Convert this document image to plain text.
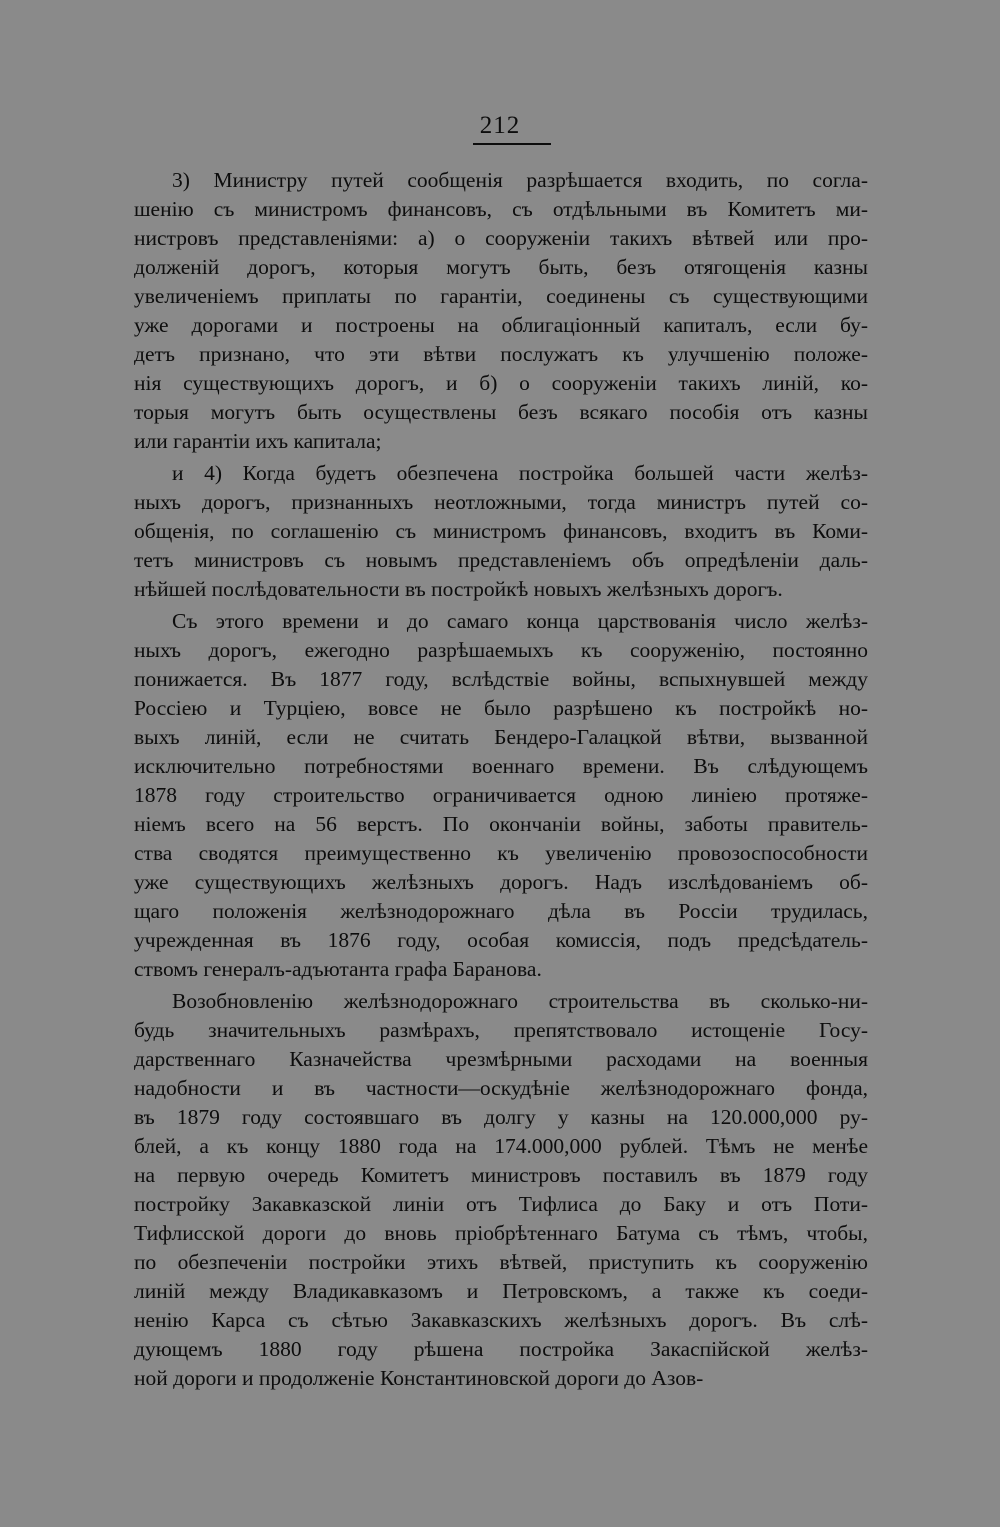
212
3) Министру путей сообщенія разрѣшается входить, по согла-
шенію съ министромъ финансовъ, съ отдѣльными въ Комитетъ ми-
нистровъ представленіями: а) о сооруженіи такихъ вѣтвей или про-
долженій дорогъ, которыя могутъ быть, безъ отягощенія казны
увеличеніемъ приплаты по гарантіи, соединены съ существующими
уже дорогами и построены на облигаціонный капиталъ, если бу-
детъ признано, что эти вѣтви послужатъ къ улучшенію положе-
нія существующихъ дорогъ, и б) о сооруженіи такихъ линій, ко-
торыя могутъ быть осуществлены безъ всякаго пособія отъ казны
или гарантіи ихъ капитала;
и 4) Когда будетъ обезпечена постройка большей части желѣз-
ныхъ дорогъ, признанныхъ неотложными, тогда министръ путей со-
общенія, по соглашенію съ министромъ финансовъ, входитъ въ Коми-
тетъ министровъ съ новымъ представленіемъ объ опредѣленіи даль-
нѣйшей послѣдовательности въ постройкѣ новыхъ желѣзныхъ дорогъ.
Съ этого времени и до самаго конца царствованія число желѣз-
ныхъ дорогъ, ежегодно разрѣшаемыхъ къ сооруженію, постоянно
понижается. Въ 1877 году, вслѣдствіе войны, вспыхнувшей между
Россіею и Турціею, вовсе не было разрѣшено къ постройкѣ но-
выхъ линій, если не считать Бендеро-Галацкой вѣтви, вызванной
исключительно потребностями военнаго времени. Въ слѣдующемъ
1878 году строительство ограничивается одною линіею протяже-
ніемъ всего на 56 верстъ. По окончаніи войны, заботы правитель-
ства сводятся преимущественно къ увеличенію провозоспособности
уже существующихъ желѣзныхъ дорогъ. Надъ изслѣдованіемъ об-
щаго положенія желѣзнодорожнаго дѣла въ Россіи трудилась,
учрежденная въ 1876 году, особая комиссія, подъ предсѣдатель-
ствомъ генералъ-адъютанта графа Баранова.
Возобновленію желѣзнодорожнаго строительства въ сколько-ни-
будь значительныхъ размѣрахъ, препятствовало истощеніе Госу-
дарственнаго Казначейства чрезмѣрными расходами на военныя
надобности и въ частности—оскудѣніе желѣзнодорожнаго фонда,
въ 1879 году состоявшаго въ долгу у казны на 120.000,000 ру-
блей, а къ концу 1880 года на 174.000,000 рублей. Тѣмъ не менѣе
на первую очередь Комитетъ министровъ поставилъ въ 1879 году
постройку Закавказской линіи отъ Тифлиса до Баку и отъ Поти-
Тифлисской дороги до вновь пріобрѣтеннаго Батума съ тѣмъ, чтобы,
по обезпеченіи постройки этихъ вѣтвей, приступить къ сооруженію
линій между Владикавказомъ и Петровскомъ, а также къ соеди-
ненію Карса съ сѣтью Закавказскихъ желѣзныхъ дорогъ. Въ слѣ-
дующемъ 1880 году рѣшена постройка Закаспійской желѣз-
ной дороги и продолженіе Константиновской дороги до Азов-
